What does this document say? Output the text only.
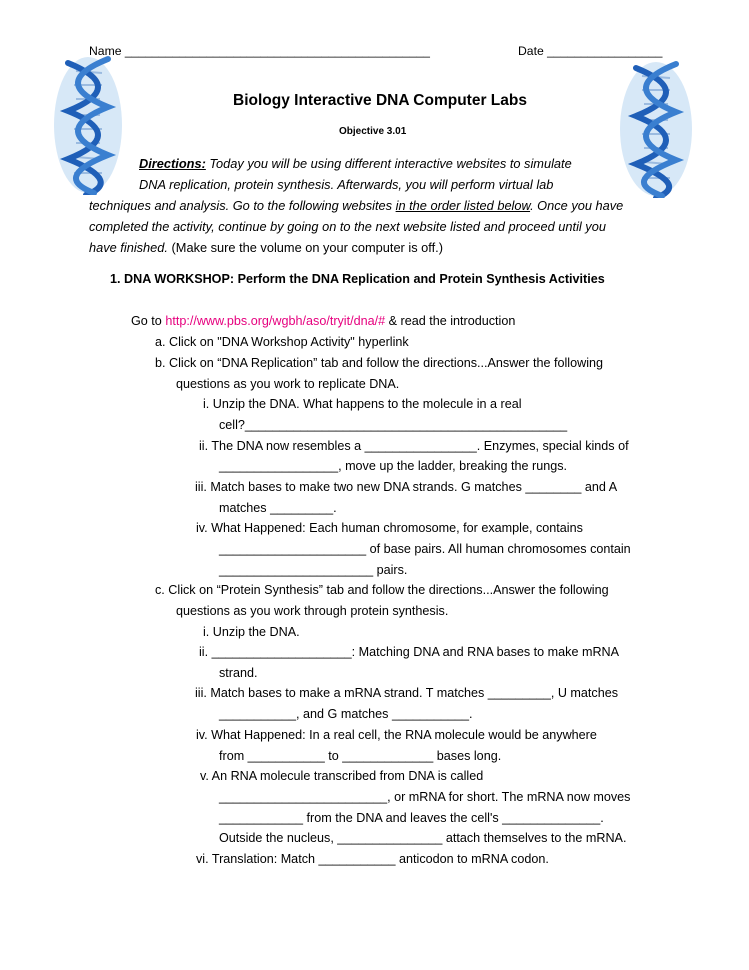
Name _____________________________________________	Date _________________
Biology Interactive DNA Computer Labs
Objective 3.01
Directions: Today you will be using different interactive websites to simulate
DNA replication, protein synthesis. Afterwards, you will perform virtual lab
techniques and analysis. Go to the following websites in the order listed below. Once you have
completed the activity, continue by going on to the next website listed and proceed until you
have finished. (Make sure the volume on your computer is off.)
1. DNA WORKSHOP: Perform the DNA Replication and Protein Synthesis Activities
Go to http://www.pbs.org/wgbh/aso/tryit/dna/# & read the introduction
a. Click on "DNA Workshop Activity" hyperlink
b. Click on “DNA Replication” tab and follow the directions...Answer the following
questions as you work to replicate DNA.
i. Unzip the DNA. What happens to the molecule in a real
cell?______________________________________________
ii. The DNA now resembles a ________________. Enzymes, special kinds of
_________________, move up the ladder, breaking the rungs.
iii. Match bases to make two new DNA strands. G matches ________ and A
matches _________.
iv. What Happened: Each human chromosome, for example, contains
_____________________ of base pairs. All human chromosomes contain
______________________ pairs.
c. Click on “Protein Synthesis” tab and follow the directions...Answer the following
questions as you work through protein synthesis.
i. Unzip the DNA.
ii. ____________________: Matching DNA and RNA bases to make mRNA
strand.
iii. Match bases to make a mRNA strand. T matches _________, U matches
___________, and G matches ___________.
iv. What Happened: In a real cell, the RNA molecule would be anywhere
from ___________ to _____________ bases long.
v. An RNA molecule transcribed from DNA is called
________________________, or mRNA for short. The mRNA now moves
____________ from the DNA and leaves the cell's ______________.
Outside the nucleus, _______________ attach themselves to the mRNA.
vi. Translation: Match ___________ anticodon to mRNA codon.
